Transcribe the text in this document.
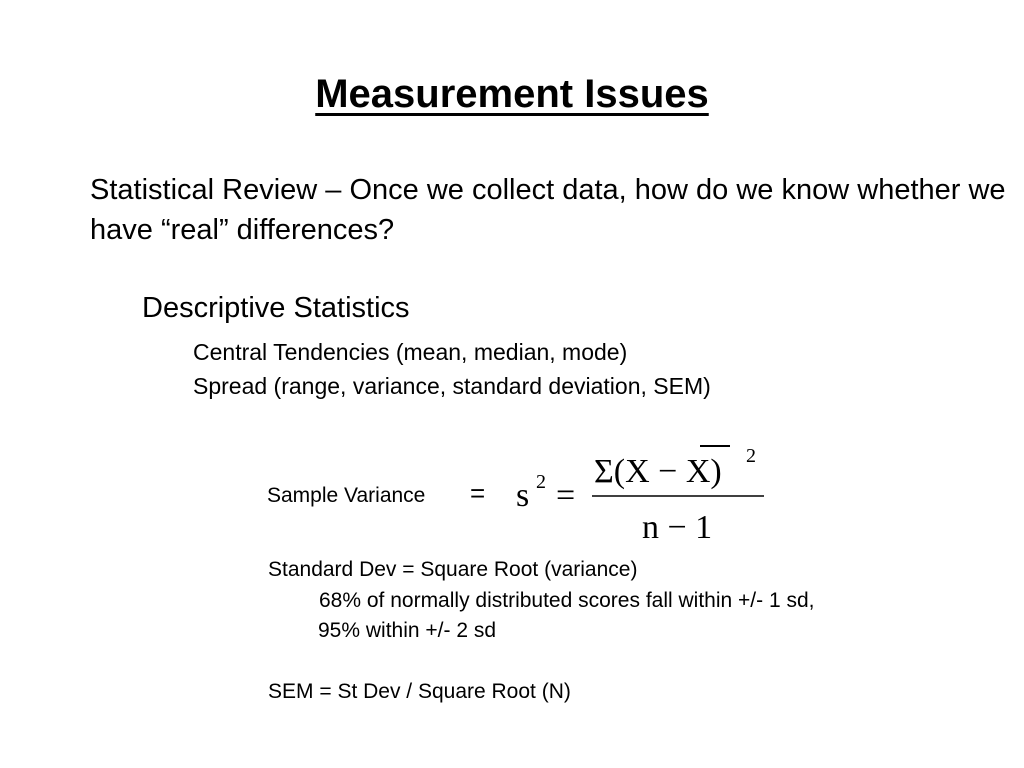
Measurement Issues
Statistical Review – Once we collect data, how do we know whether we have “real” differences?
Descriptive Statistics
Central Tendencies (mean, median, mode)
Spread (range, variance, standard deviation, SEM)
Sample Variance = s 2 =
Σ(X − X) 2
n − 1
Standard Dev = Square Root (variance)
68% of normally distributed scores fall within +/- 1 sd,
95% within +/- 2 sd
SEM = St Dev / Square Root (N)
